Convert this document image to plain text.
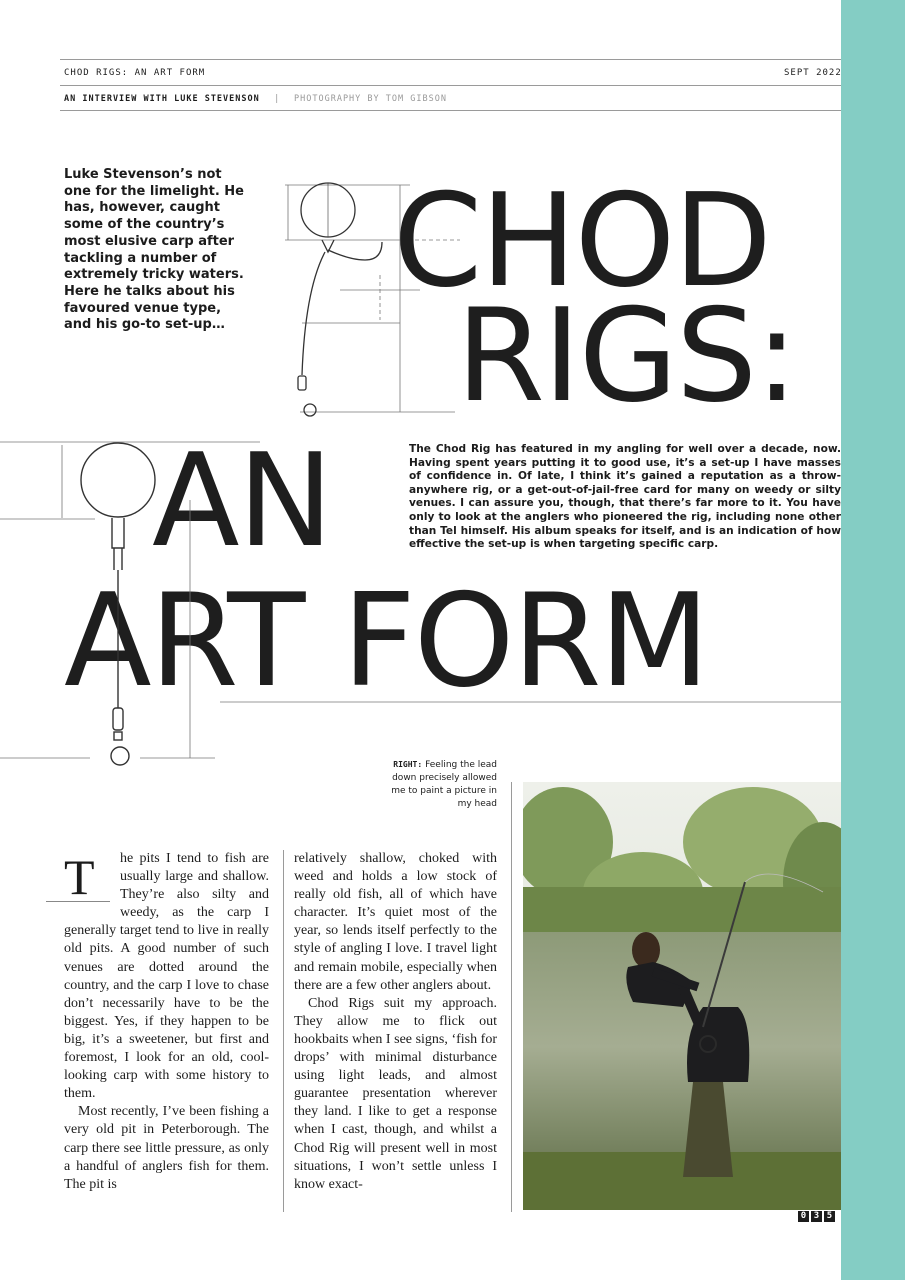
CHOD RIGS: AN ART FORM	SEPT 2022
AN INTERVIEW WITH LUKE STEVENSON | PHOTOGRAPHY BY TOM GIBSON
Luke Stevenson’s not one for the limelight. He has, however, caught some of the country’s most elusive carp after tackling a number of extremely tricky waters. Here he talks about his favoured venue type, and his go-to set-up…
CHOD
RIGS:
AN
ART FORM
The Chod Rig has featured in my angling for well over a decade, now. Having spent years putting it to good use, it’s a set-up I have masses of confidence in. Of late, I think it’s gained a reputation as a throw-anywhere rig, or a get-out-of-jail-free card for many on weedy or silty venues. I can assure you, though, that there’s far more to it. You have only to look at the anglers who pioneered the rig, including none other than Tel himself. His album speaks for itself, and is an indication of how effective the set-up is when targeting specific carp.
RIGHT: Feeling the lead down precisely allowed me to paint a picture in my head

T	he pits I tend to fish are usually large and shallow. They’re also silty and weedy, as the carp I generally target tend to live in really old pits. A good number of such venues are dotted around the country, and the carp I love to chase don’t necessarily have to be the biggest. Yes, if they happen to be big, it’s a sweetener, but first and foremost, I look for an old, cool-looking carp with some history to them.

Most recently, I’ve been fishing a very old pit in Peterborough. The carp there see little pressure, as only a handful of anglers fish for them. The pit is

relatively shallow, choked with weed and holds a low stock of really old fish, all of which have character. It’s quiet most of the year, so lends itself perfectly to the style of angling I love. I travel light and remain mobile, especially when there are a few other anglers about.

Chod Rigs suit my approach. They allow me to flick out hookbaits when I see signs, ‘fish for drops’ with minimal disturbance using light leads, and almost guarantee presentation wherever they land. I like to get a response when I cast, though, and whilst a Chod Rig will present well in most situations, I won’t settle unless I know exact-

0 3 5
